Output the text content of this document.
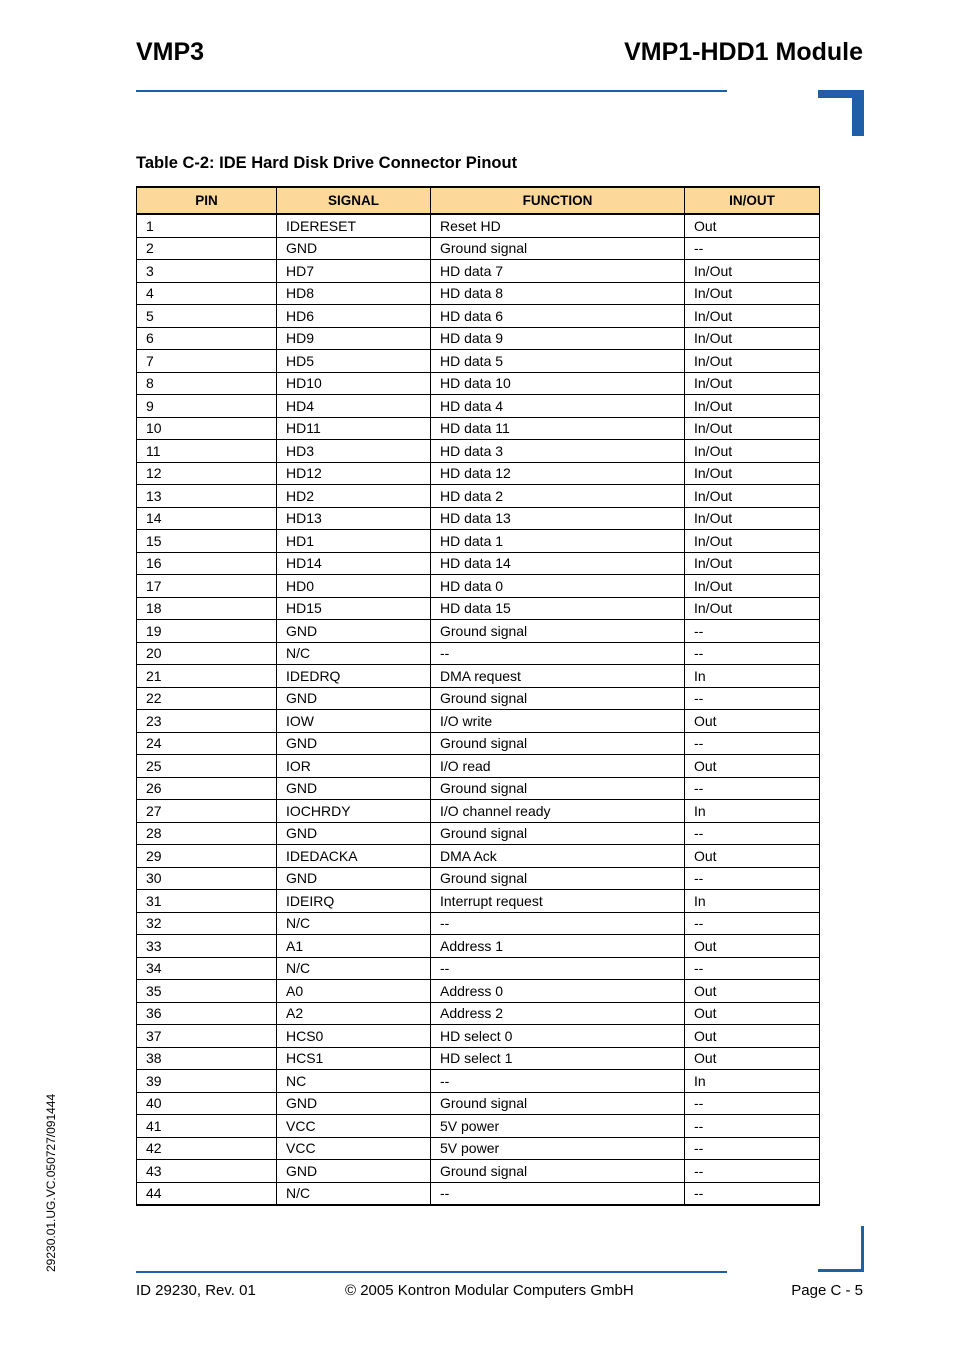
VMP3	VMP1-HDD1 Module
Table C-2: IDE Hard Disk Drive Connector Pinout
PIN	SIGNAL	FUNCTION	IN/OUT
1	IDERESET	Reset HD	Out
2	GND	Ground signal	--
3	HD7	HD data 7	In/Out
4	HD8	HD data 8	In/Out
5	HD6	HD data 6	In/Out
6	HD9	HD data 9	In/Out
7	HD5	HD data 5	In/Out
8	HD10	HD data 10	In/Out
9	HD4	HD data 4	In/Out
10	HD11	HD data 11	In/Out
11	HD3	HD data 3	In/Out
12	HD12	HD data 12	In/Out
13	HD2	HD data 2	In/Out
14	HD13	HD data 13	In/Out
15	HD1	HD data 1	In/Out
16	HD14	HD data 14	In/Out
17	HD0	HD data 0	In/Out
18	HD15	HD data 15	In/Out
19	GND	Ground signal	--
20	N/C	--	--
21	IDEDRQ	DMA request	In
22	GND	Ground signal	--
23	IOW	I/O write	Out
24	GND	Ground signal	--
25	IOR	I/O read	Out
26	GND	Ground signal	--
27	IOCHRDY	I/O channel ready	In
28	GND	Ground signal	--
29	IDEDACKA	DMA Ack	Out
30	GND	Ground signal	--
31	IDEIRQ	Interrupt request	In
32	N/C	--	--
33	A1	Address 1	Out
34	N/C	--	--
35	A0	Address 0	Out
36	A2	Address 2	Out
37	HCS0	HD select 0	Out
38	HCS1	HD select 1	Out
39	NC	--	In
40	GND	Ground signal	--
41	VCC	5V power	--
42	VCC	5V power	--
43	GND	Ground signal	--
44	N/C	--	--
29230.01.UG.VC.050727/091444
ID 29230, Rev. 01	© 2005 Kontron Modular Computers GmbH	Page C - 5
